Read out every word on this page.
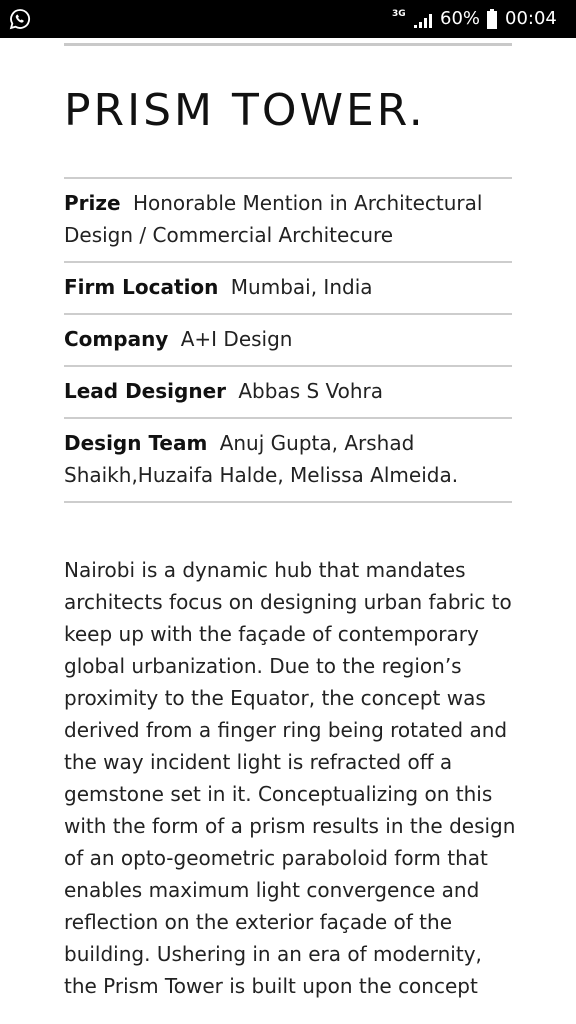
3G 60% 00:04
PRISM TOWER.
Prize Honorable Mention in Architectural Design / Commercial Architecure
Firm Location Mumbai, India
Company A+I Design
Lead Designer Abbas S Vohra
Design Team Anuj Gupta, Arshad Shaikh,Huzaifa Halde, Melissa Almeida.

Nairobi is a dynamic hub that mandates architects focus on designing urban fabric to keep up with the façade of contemporary global urbanization. Due to the region’s proximity to the Equator, the concept was derived from a finger ring being rotated and the way incident light is refracted off a gemstone set in it. Conceptualizing on this with the form of a prism results in the design of an opto-geometric paraboloid form that enables maximum light convergence and reflection on the exterior façade of the building. Ushering in an era of modernity, the Prism Tower is built upon the concept
